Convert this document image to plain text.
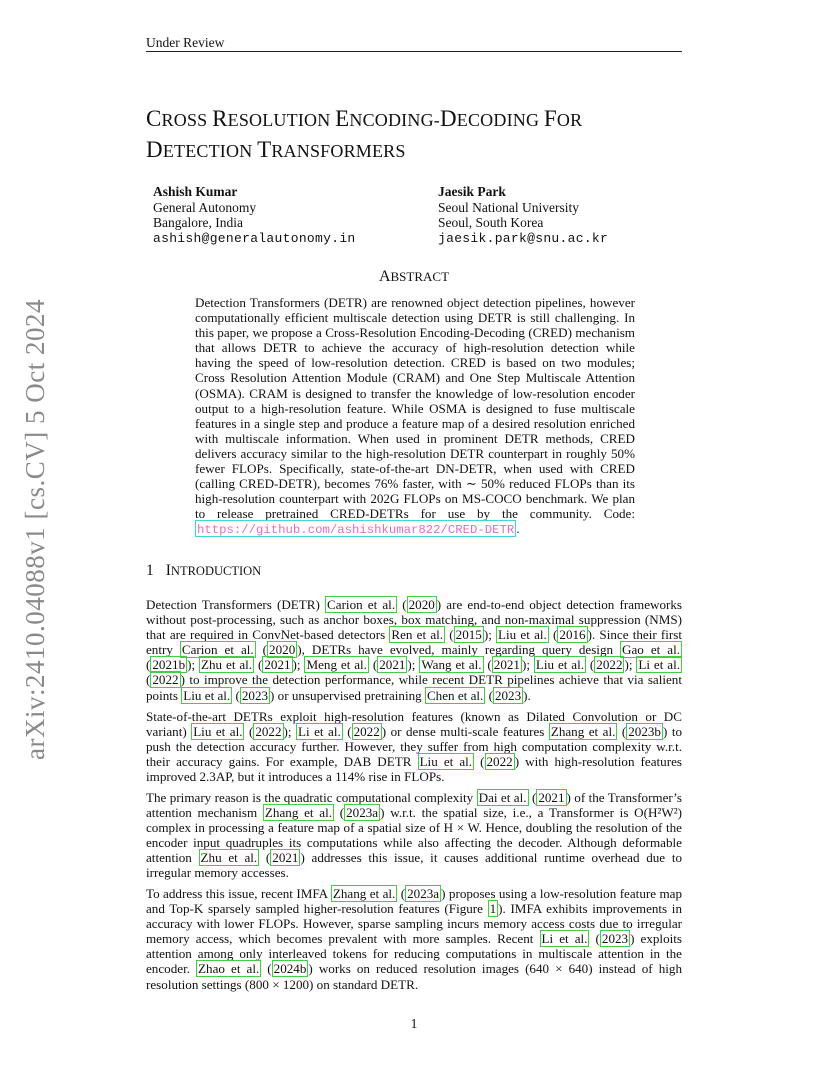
Under Review
arXiv:2410.04088v1 [cs.CV] 5 Oct 2024
CROSS RESOLUTION ENCODING-DECODING FOR
DETECTION TRANSFORMERS
Ashish Kumar
General Autonomy
Bangalore, India
ashish@generalautonomy.in
Jaesik Park
Seoul National University
Seoul, South Korea
jaesik.park@snu.ac.kr
ABSTRACT
Detection Transformers (DETR) are renowned object detection pipelines, however computationally efficient multiscale detection using DETR is still challenging. In this paper, we propose a Cross-Resolution Encoding-Decoding (CRED) mechanism that allows DETR to achieve the accuracy of high-resolution detection while having the speed of low-resolution detection. CRED is based on two modules; Cross Resolution Attention Module (CRAM) and One Step Multiscale Attention (OSMA). CRAM is designed to transfer the knowledge of low-resolution encoder output to a high-resolution feature. While OSMA is designed to fuse multiscale features in a single step and produce a feature map of a desired resolution enriched with multiscale information. When used in prominent DETR methods, CRED delivers accuracy similar to the high-resolution DETR counterpart in roughly 50% fewer FLOPs. Specifically, state-of-the-art DN-DETR, when used with CRED (calling CRED-DETR), becomes 76% faster, with ∼ 50% reduced FLOPs than its high-resolution counterpart with 202G FLOPs on MS-COCO benchmark. We plan to release pretrained CRED-DETRs for use by the community. Code: https://github.com/ashishkumar822/CRED-DETR .
1 INTRODUCTION
Detection Transformers (DETR) Carion et al. ( 2020 ) are end-to-end object detection frameworks without post-processing, such as anchor boxes, box matching, and non-maximal suppression (NMS) that are required in ConvNet-based detectors Ren et al. ( 2015 ); Liu et al. ( 2016 ). Since their first entry Carion et al. ( 2020 ), DETRs have evolved, mainly regarding query design Gao et al. ( 2021b ); Zhu et al. ( 2021 ); Meng et al. ( 2021 ); Wang et al. ( 2021 ); Liu et al. ( 2022 ); Li et al. ( 2022 ) to improve the detection performance, while recent DETR pipelines achieve that via salient points Liu et al. ( 2023 ) or unsupervised pretraining Chen et al. ( 2023 ).
State-of-the-art DETRs exploit high-resolution features (known as Dilated Convolution or DC variant) Liu et al. ( 2022 ); Li et al. ( 2022 ) or dense multi-scale features Zhang et al. ( 2023b ) to push the detection accuracy further. However, they suffer from high computation complexity w.r.t. their accuracy gains. For example, DAB DETR Liu et al. ( 2022 ) with high-resolution features improved 2.3AP, but it introduces a 114% rise in FLOPs.
The primary reason is the quadratic computational complexity Dai et al. ( 2021 ) of the Transformer’s attention mechanism Zhang et al. ( 2023a ) w.r.t. the spatial size, i.e., a Transformer is O(H²W²) complex in processing a feature map of a spatial size of H × W. Hence, doubling the resolution of the encoder input quadruples its computations while also affecting the decoder. Although deformable attention Zhu et al. ( 2021 ) addresses this issue, it causes additional runtime overhead due to irregular memory accesses.
To address this issue, recent IMFA Zhang et al. ( 2023a ) proposes using a low-resolution feature map and Top-K sparsely sampled higher-resolution features (Figure 1 ). IMFA exhibits improvements in accuracy with lower FLOPs. However, sparse sampling incurs memory access costs due to irregular memory access, which becomes prevalent with more samples. Recent Li et al. ( 2023 ) exploits attention among only interleaved tokens for reducing computations in multiscale attention in the encoder. Zhao et al. ( 2024b ) works on reduced resolution images (640 × 640) instead of high resolution settings (800 × 1200) on standard DETR.
1
